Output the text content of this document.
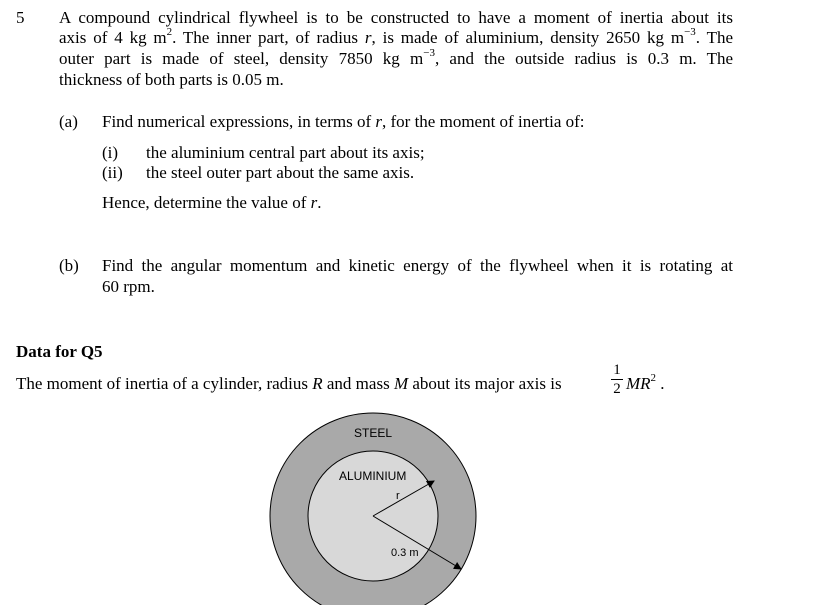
5 A compound cylindrical flywheel is to be constructed to have a moment of inertia about its
axis of 4 kg $m^2$. The inner part, of radius r, is made of aluminium, density 2650 kg $m^{-3}$. The
outer part is made of steel, density 7850 kg $m^{-3}$, and the outside radius is 0.3 m. The
thickness of both parts is 0.05 m.
(a) Find numerical expressions, in terms of r, for the moment of inertia of:
(i) the aluminium central part about its axis;
(ii) the steel outer part about the same axis.
Hence, determine the value of r.
(b) Find the angular momentum and kinetic energy of the flywheel when it is rotating at
60 rpm.
Data for Q5
The moment of inertia of a cylinder, radius R and mass M about its major axis is
1
2 $MR^2$ .
STEEL
ALUMINIUM
r
0.3 m
